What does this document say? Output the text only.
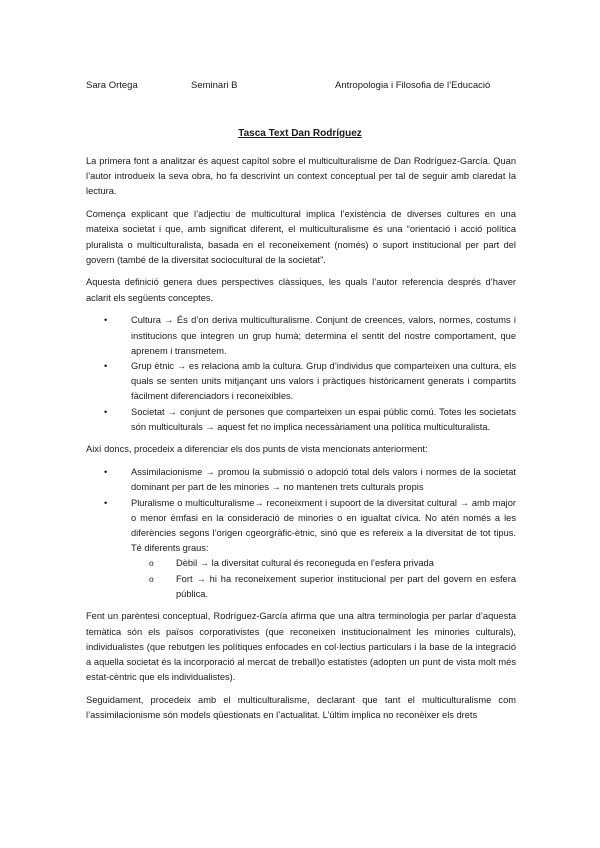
Sara Ortega	Seminari B	Antropologia i Filosofia de l’Educació
Tasca Text Dan Rodríguez

La primera font a analitzar és aquest capítol sobre el multiculturalisme de Dan Rodríguez-García. Quan l’autor introdueix la seva obra, ho fa descrivint un context conceptual per tal de seguir amb claredat la lectura.

Comença explicant que l’adjectiu de multicultural implica l’existència de diverses cultures en una mateixa societat i que, amb significat diferent, el multiculturalisme és una “orientació i acció política pluralista o multiculturalista, basada en el reconeixement (només) o suport institucional per part del govern (també de la diversitat sociocultural de la societat”.

Aquesta definició genera dues perspectives clàssiques, les quals l’autor referencia després d’haver aclarit els següents conceptes.

• Cultura → És d’on deriva multiculturalisme. Conjunt de creences, valors, normes, costums i institucions que integren un grup humà; determina el sentit del nostre comportament, que aprenem i transmetem.
• Grup ètnic → es relaciona amb la cultura. Grup d’individus que comparteixen una cultura, els quals se senten units mitjançant uns valors i pràctiques històricament generats i compartits fàcilment diferenciadors i reconeixibles.
• Societat → conjunt de persones que comparteixen un espai públic comú. Totes les societats són multiculturals → aquest fet no implica necessàriament una política multiculturalista.

Així doncs, procedeix a diferenciar els dos punts de vista mencionats anteriorment:

• Assimilacionisme → promou la submissió o adopció total dels valors i normes de la societat dominant per part de les minories → no mantenen trets culturals propis
• Pluralisme o multiculturalisme→ reconeixment i supoort de la diversitat cultural → amb major o menor èmfasi en la consideració de minories o en igualtat cívica. No atén només a les diferències segons l’origen cgeorgràfic-ètnic, sinó que es refereix a la diversitat de tot tipus. Té diferents graus:
o Dèbil → la diversitat cultural és reconeguda en l’esfera privada
o Fort → hi ha reconeixement superior institucional per part del govern en esfera pública.

Fent un parèntesi conceptual, Rodríguez-García afirma que una altra terminologia per parlar d’aquesta temàtica són els països corporativistes (que reconeixen institucionalment les minories culturals), individualistes (que rebutgen les polítiques enfocades en col·lectius particulars i la base de la integració a aquella societat és la incorporació al mercat de treball)o estatistes (adopten un punt de vista molt més estat-cèntric que els individualistes).

Seguidament, procedeix amb el multiculturalisme, declarant que tant el multiculturalisme com l’assimilacionisme són models qüestionats en l’actualitat. L’últim implica no reconèixer els drets
